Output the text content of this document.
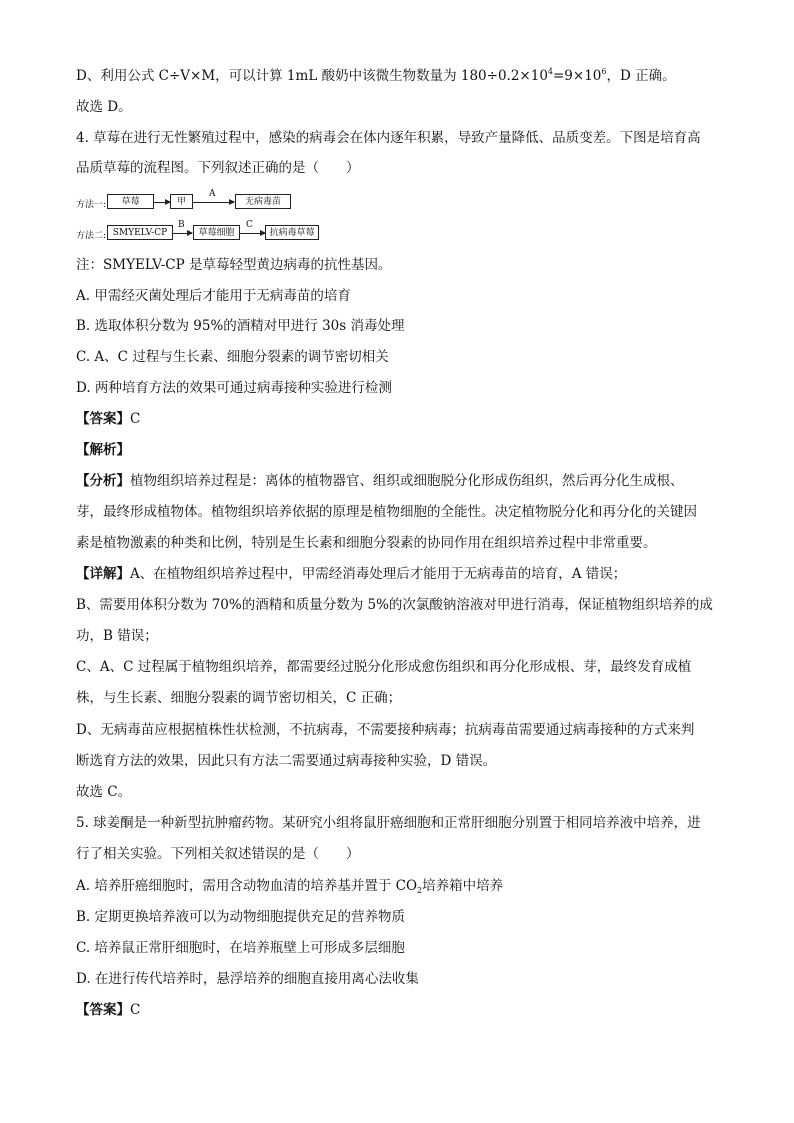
D、利用公式 C÷V×M，可以计算 1mL 酸奶中该微生物数量为 $180\div 0.2\times 10^4=9\times 10^6$，D 正确。
故选 D。
4. 草莓在进行无性繁殖过程中，感染的病毒会在体内逐年积累，导致产量降低、品质变差。下图是培育高
品质草莓的流程图。下列叙述正确的是（　　）
方法一:	草莓	甲
A
无病毒苗
方法二: SMYELV-CP
B
草莓细胞
C
抗病毒草莓
注：SMYELV-CP 是草莓轻型黄边病毒的抗性基因。
A. 甲需经灭菌处理后才能用于无病毒苗的培育
B. 选取体积分数为 95%的酒精对甲进行 30s 消毒处理
C. A、C 过程与生长素、细胞分裂素的调节密切相关
D. 两种培育方法的效果可通过病毒接种实验进行检测
【答案】C
【解析】
【分析】植物组织培养过程是：离体的植物器官、组织或细胞脱分化形成伤组织，然后再分化生成根、
芽，最终形成植物体。植物组织培养依据的原理是植物细胞的全能性。决定植物脱分化和再分化的关键因
素是植物激素的种类和比例，特别是生长素和细胞分裂素的协同作用在组织培养过程中非常重要。
【详解】A、在植物组织培养过程中，甲需经消毒处理后才能用于无病毒苗的培育，A 错误；
B、需要用体积分数为 70%的酒精和质量分数为 5%的次氯酸钠溶液对甲进行消毒，保证植物组织培养的成
功，B 错误；
C、A、C 过程属于植物组织培养，都需要经过脱分化形成愈伤组织和再分化形成根、芽，最终发育成植
株，与生长素、细胞分裂素的调节密切相关，C 正确；
D、无病毒苗应根据植株性状检测，不抗病毒，不需要接种病毒；抗病毒苗需要通过病毒接种的方式来判
断选育方法的效果，因此只有方法二需要通过病毒接种实验，D 错误。
故选 C。
5. 球姜酮是一种新型抗肿瘤药物。某研究小组将鼠肝癌细胞和正常肝细胞分别置于相同培养液中培养，进
行了相关实验。下列相关叙述错误的是（　　）
A. 培养肝癌细胞时，需用含动物血清的培养基并置于 $CO_2$培养箱中培养
B. 定期更换培养液可以为动物细胞提供充足的营养物质
C. 培养鼠正常肝细胞时，在培养瓶壁上可形成多层细胞
D. 在进行传代培养时，悬浮培养的细胞直接用离心法收集
【答案】C
